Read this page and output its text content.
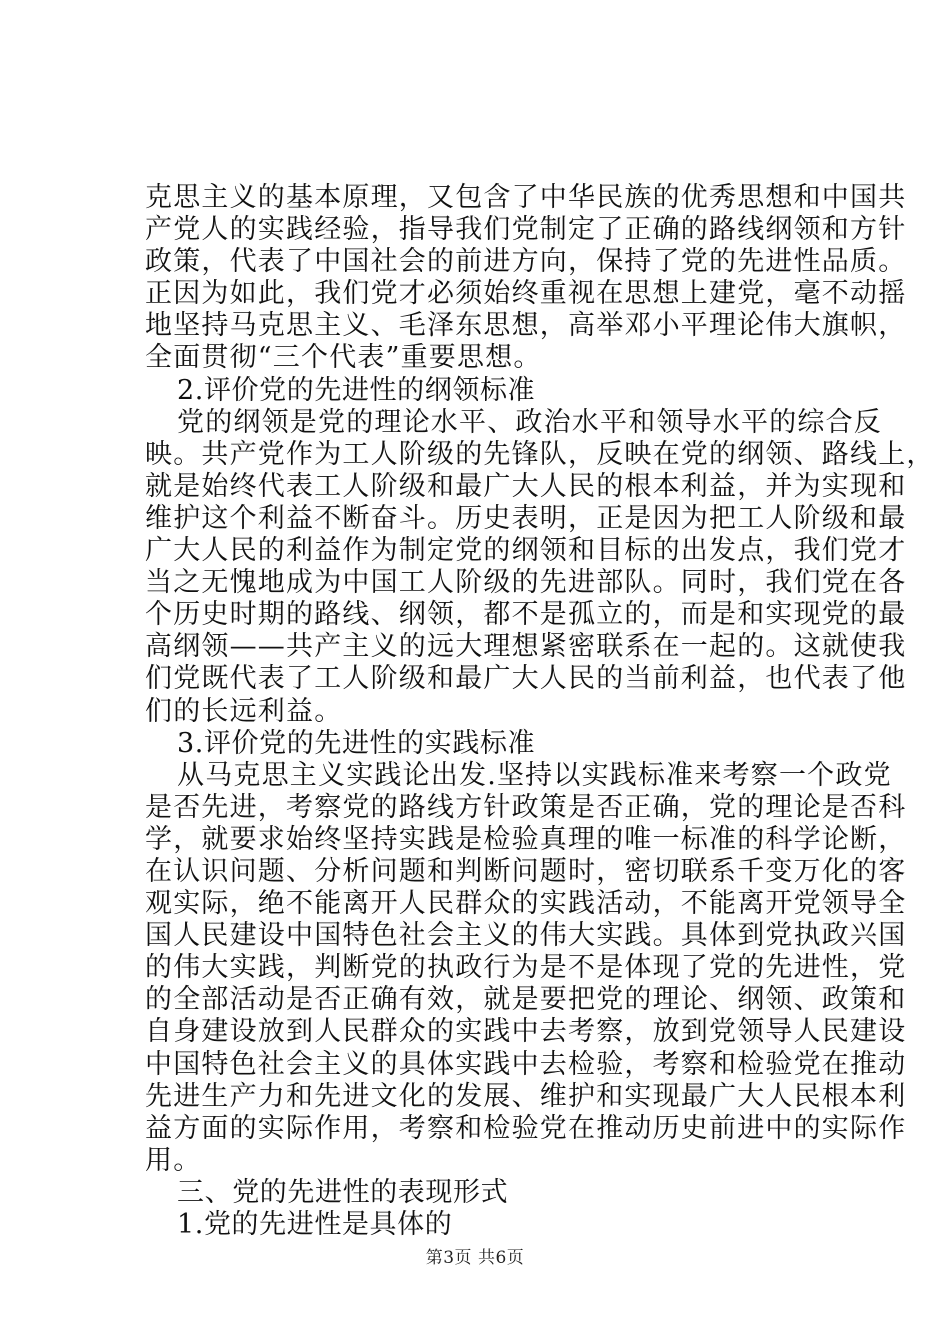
克思主义的基本原理，又包含了中华民族的优秀思想和中国共
产党人的实践经验，指导我们党制定了正确的路线纲领和方针
政策，代表了中国社会的前进方向，保持了党的先进性品质。
正因为如此，我们党才必须始终重视在思想上建党，毫不动摇
地坚持马克思主义、毛泽东思想，高举邓小平理论伟大旗帜，
全面贯彻“三个代表”重要思想。
2.评价党的先进性的纲领标准
党的纲领是党的理论水平、政治水平和领导水平的综合反
映。共产党作为工人阶级的先锋队，反映在党的纲领、路线上，
就是始终代表工人阶级和最广大人民的根本利益，并为实现和
维护这个利益不断奋斗。历史表明，正是因为把工人阶级和最
广大人民的利益作为制定党的纲领和目标的出发点，我们党才
当之无愧地成为中国工人阶级的先进部队。同时，我们党在各
个历史时期的路线、纲领，都不是孤立的，而是和实现党的最
高纲领——共产主义的远大理想紧密联系在一起的。这就使我
们党既代表了工人阶级和最广大人民的当前利益，也代表了他
们的长远利益。
3.评价党的先进性的实践标准
从马克思主义实践论出发.坚持以实践标准来考察一个政党
是否先进，考察党的路线方针政策是否正确，党的理论是否科
学，就要求始终坚持实践是检验真理的唯一标准的科学论断，
在认识问题、分析问题和判断问题时，密切联系千变万化的客
观实际，绝不能离开人民群众的实践活动，不能离开党领导全
国人民建设中国特色社会主义的伟大实践。具体到党执政兴国
的伟大实践，判断党的执政行为是不是体现了党的先进性，党
的全部活动是否正确有效，就是要把党的理论、纲领、政策和
自身建设放到人民群众的实践中去考察，放到党领导人民建设
中国特色社会主义的具体实践中去检验，考察和检验党在推动
先进生产力和先进文化的发展、维护和实现最广大人民根本利
益方面的实际作用，考察和检验党在推动历史前进中的实际作
用。
三、党的先进性的表现形式
1.党的先进性是具体的
第3页 共6页
